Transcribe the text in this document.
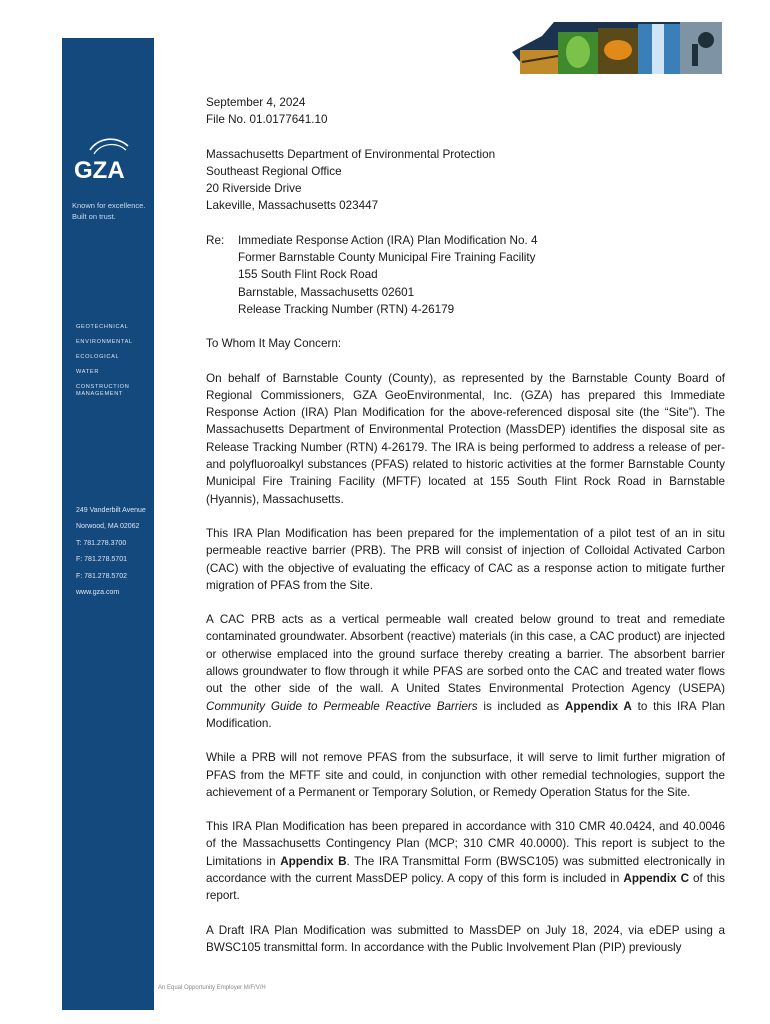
GZA
Known for excellence.
Built on trust.
GEOTECHNICAL
ENVIRONMENTAL
ECOLOGICAL
WATER
CONSTRUCTION
MANAGEMENT
249 Vanderbilt Avenue
Norwood, MA 02062
T: 781.278.3700
F: 781.278.5701
F: 781.278.5702
www.gza.com

September 4, 2024

File No. 01.0177641.10

Massachusetts Department of Environmental Protection

Southeast Regional Office

20 Riverside Drive

Lakeville, Massachusetts 023447

Re:	Immediate Response Action (IRA) Plan Modification No. 4
Former Barnstable County Municipal Fire Training Facility
155 South Flint Rock Road
Barnstable, Massachusetts 02601
Release Tracking Number (RTN) 4-26179

To Whom It May Concern:

On behalf of Barnstable County (County), as represented by the Barnstable County Board of Regional Commissioners, GZA GeoEnvironmental, Inc. (GZA) has prepared this Immediate Response Action (IRA) Plan Modification for the above-referenced disposal site (the “Site”). The Massachusetts Department of Environmental Protection (MassDEP) identifies the disposal site as Release Tracking Number (RTN) 4-26179. The IRA is being performed to address a release of per- and polyfluoroalkyl substances (PFAS) related to historic activities at the former Barnstable County Municipal Fire Training Facility (MFTF) located at 155 South Flint Rock Road in Barnstable (Hyannis), Massachusetts.

This IRA Plan Modification has been prepared for the implementation of a pilot test of an in situ permeable reactive barrier (PRB). The PRB will consist of injection of Colloidal Activated Carbon (CAC) with the objective of evaluating the efficacy of CAC as a response action to mitigate further migration of PFAS from the Site.

A CAC PRB acts as a vertical permeable wall created below ground to treat and remediate contaminated groundwater. Absorbent (reactive) materials (in this case, a CAC product) are injected or otherwise emplaced into the ground surface thereby creating a barrier. The absorbent barrier allows groundwater to flow through it while PFAS are sorbed onto the CAC and treated water flows out the other side of the wall. A United States Environmental Protection Agency (USEPA) Community Guide to Permeable Reactive Barriers is included as Appendix A to this IRA Plan Modification.

While a PRB will not remove PFAS from the subsurface, it will serve to limit further migration of PFAS from the MFTF site and could, in conjunction with other remedial technologies, support the achievement of a Permanent or Temporary Solution, or Remedy Operation Status for the Site.

This IRA Plan Modification has been prepared in accordance with 310 CMR 40.0424, and 40.0046 of the Massachusetts Contingency Plan (MCP; 310 CMR 40.0000). This report is subject to the Limitations in Appendix B. The IRA Transmittal Form (BWSC105) was submitted electronically in accordance with the current MassDEP policy. A copy of this form is included in Appendix C of this report.

A Draft IRA Plan Modification was submitted to MassDEP on July 18, 2024, via eDEP using a BWSC105 transmittal form. In accordance with the Public Involvement Plan (PIP) previously

An Equal Opportunity Employer M/F/V/H
